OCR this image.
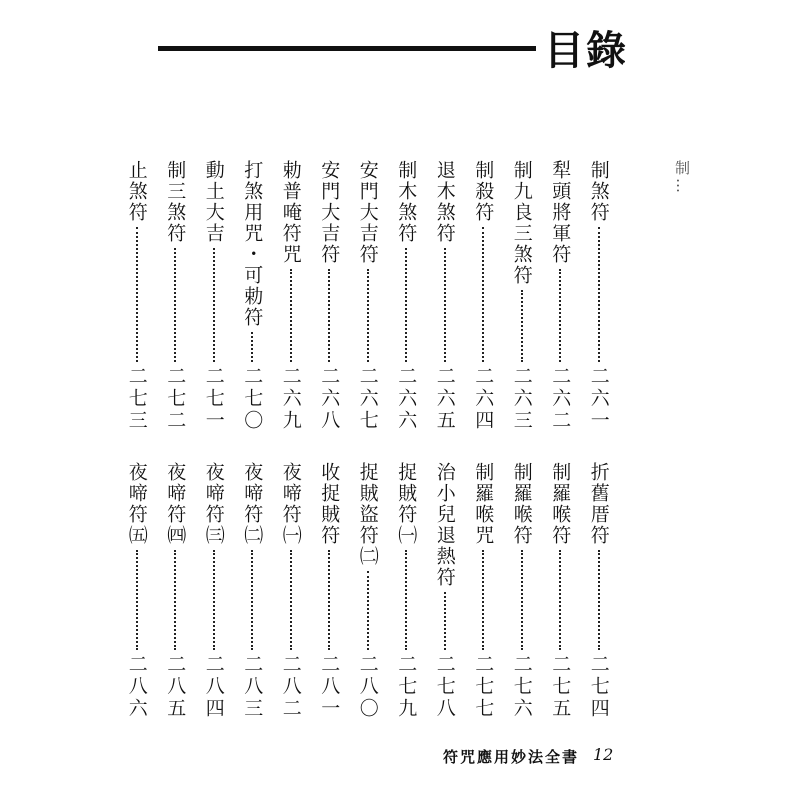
目錄
制…
制煞符
二六一
犁頭將軍符
二六二
制九良三煞符
二六三
制殺符
二六四
退木煞符
二六五
制木煞符
二六六
安門大吉符
二六七
安門大吉符
二六八
勅普唵符咒
二六九
打煞用咒・可勅符
二七〇
動土大吉
二七一
制三煞符
二七二
止煞符
二七三
折舊厝符
二七四
制羅喉符
二七五
制羅喉符
二七六
制羅喉咒
二七七
治小兒退熱符
二七八
捉賊符㈠
二七九
捉賊盜符㈡
二八〇
收捉賊符
二八一
夜啼符㈠
二八二
夜啼符㈡
二八三
夜啼符㈢
二八四
夜啼符㈣
二八五
夜啼符㈤
二八六
符咒應用妙法全書 12
